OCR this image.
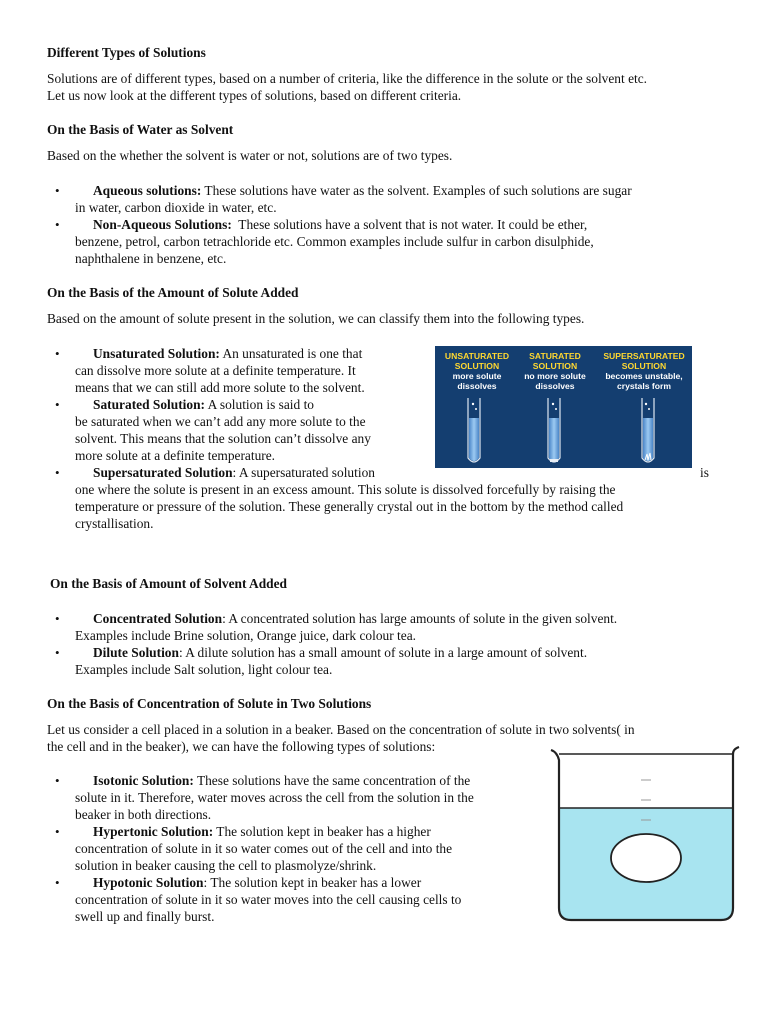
Different Types of Solutions
Solutions are of different types, based on a number of criteria, like the difference in the solute or the solvent etc.
Let us now look at the different types of solutions, based on different criteria.
On the Basis of Water as Solvent
Based on the whether the solvent is water or not, solutions are of two types.
• Aqueous solutions: These solutions have water as the solvent. Examples of such solutions are sugar
in water, carbon dioxide in water, etc.
• Non-Aqueous Solutions: These solutions have a solvent that is not water. It could be ether,
benzene, petrol, carbon tetrachloride etc. Common examples include sulfur in carbon disulphide,
naphthalene in benzene, etc.
On the Basis of the Amount of Solute Added
Based on the amount of solute present in the solution, we can classify them into the following types.
• Unsaturated Solution: An unsaturated is one that
can dissolve more solute at a definite temperature. It
means that we can still add more solute to the solvent.
• Saturated Solution: A solution is said to
be saturated when we can’t add any more solute to the
solvent. This means that the solution can’t dissolve any
more solute at a definite temperature.
• Supersaturated Solution: A supersaturated solution	is
one where the solute is present in an excess amount. This solute is dissolved forcefully by raising the
temperature or pressure of the solution. These generally crystal out in the bottom by the method called
crystallisation.
UNSATURATED
SOLUTION
more solute
dissolves
SATURATED
SOLUTION
no more solute
dissolves
SUPERSATURATED
SOLUTION
becomes unstable,
crystals form
On the Basis of Amount of Solvent Added
• Concentrated Solution: A concentrated solution has large amounts of solute in the given solvent.
Examples include Brine solution, Orange juice, dark colour tea.
• Dilute Solution: A dilute solution has a small amount of solute in a large amount of solvent.
Examples include Salt solution, light colour tea.
On the Basis of Concentration of Solute in Two Solutions
Let us consider a cell placed in a solution in a beaker. Based on the concentration of solute in two solvents( in
the cell and in the beaker), we can have the following types of solutions:
• Isotonic Solution: These solutions have the same concentration of the
solute in it. Therefore, water moves across the cell from the solution in the
beaker in both directions.
• Hypertonic Solution: The solution kept in beaker has a higher
concentration of solute in it so water comes out of the cell and into the
solution in beaker causing the cell to plasmolyze/shrink.
• Hypotonic Solution: The solution kept in beaker has a lower
concentration of solute in it so water moves into the cell causing cells to
swell up and finally burst.
